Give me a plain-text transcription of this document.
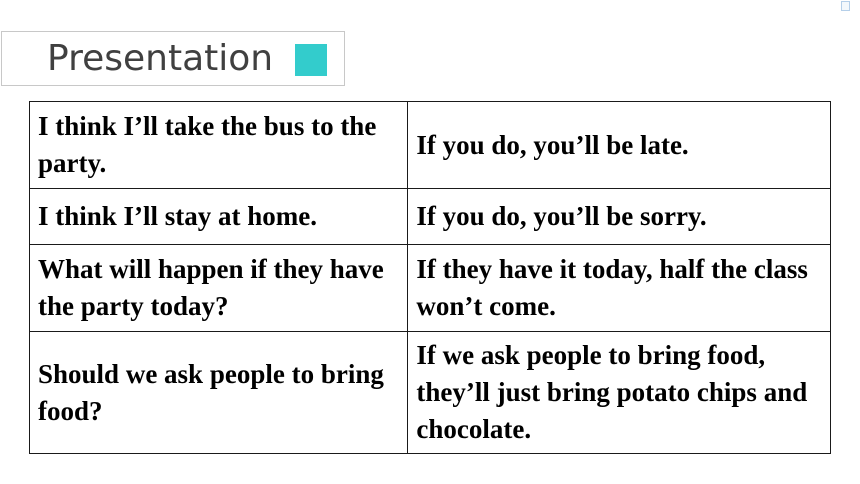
Presentation
I think I’ll take the bus to the party.	If you do, you’ll be late.
I think I’ll stay at home.	If you do, you’ll be sorry.
What will happen if they have the party today?	If they have it today, half the class won’t come.
Should we ask people to bring food?	If we ask people to bring food, they’ll just bring potato chips and chocolate.
